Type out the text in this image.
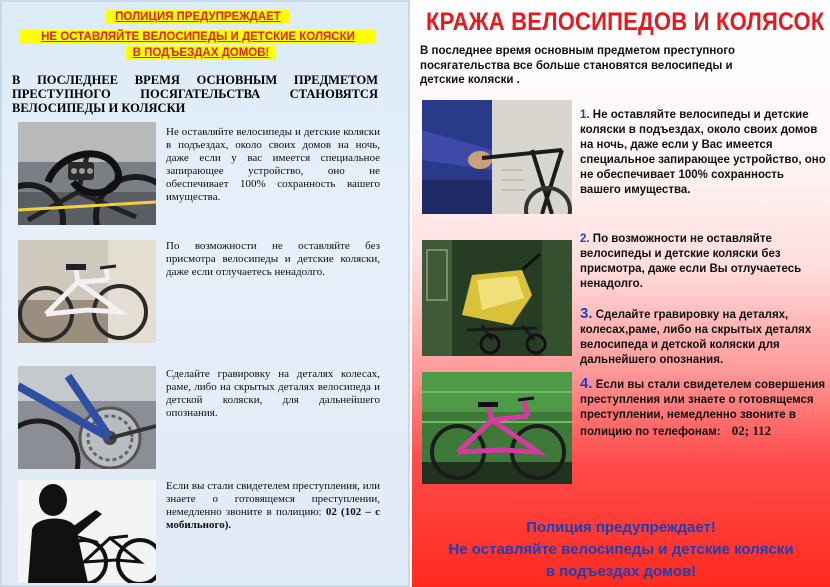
ПОЛИЦИЯ ПРЕДУПРЕЖДАЕТ
НЕ ОСТАВЛЯЙТЕ ВЕЛОСИПЕДЫ И ДЕТСКИЕ КОЛЯСКИ
В ПОДЪЕЗДАХ ДОМОВ!
В ПОСЛЕДНЕЕ ВРЕМЯ ОСНОВНЫМ ПРЕДМЕТОМ ПРЕСТУПНОГО ПОСЯГАТЕЛЬСТВА СТАНОВЯТСЯ ВЕЛОСИПЕДЫ И КОЛЯСКИ
Не оставляйте велосипеды и детские коляски в подъездах, около своих домов на ночь, даже если у вас имеется специальное запирающее устройство, оно не обеспечивает 100% сохранность вашего имущества.
По возможности не оставляйте без присмотра велосипеды и детские коляски, даже если отлучаетесь ненадолго.
Сделайте гравировку на деталях колесах, раме, либо на скрытых деталях велосипеда и детской коляски, для дальнейшего опознания.
Если вы стали свидетелем преступления, или знаете о готовящемся преступлении, немедленно звоните в полицию: 02 (102 – с мобильного).
КРАЖА ВЕЛОСИПЕДОВ И КОЛЯСОК
В последнее время основным предметом преступного посягательства все больше становятся велосипеды и детские коляски .
1. Не оставляйте велосипеды и детские коляски в подъездах, около своих домов на ночь, даже если у Вас имеется специальное запирающее устройство, оно не обеспечивает 100% сохранность вашего имущества.
2. По возможности не оставляйте велосипеды и детские коляски без присмотра, даже если Вы отлучаетесь ненадолго.
3. Сделайте гравировку на деталях, колесах,раме, либо на скрытых деталях велосипеда и детской коляски для дальнейшего опознания.
4. Если вы стали свидетелем совершения преступления или знаете о готовящемся преступлении, немедленно звоните в полицию по телефонам: 02; 112
Полиция предупреждает!
Не оставляйте велосипеды и детские коляски
в подъездах домов!
